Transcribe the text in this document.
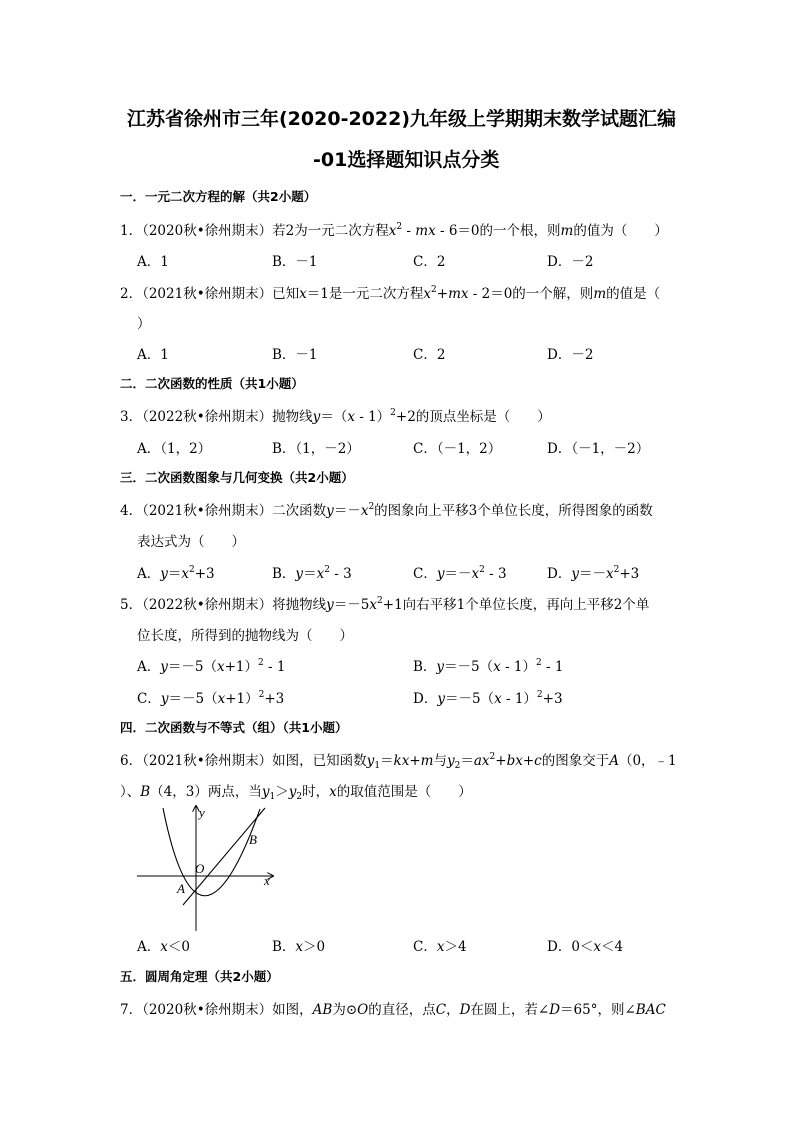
江苏省徐州市三年(2020-2022)九年级上学期期末数学试题汇编
-01选择题知识点分类
一．一元二次方程的解（共2小题）
1．（2020秋•徐州期末）若2为一元二次方程$x^2$ - mx - 6＝0的一个根，则m的值为（　　）
A．1	B．－1	C．2	D．－2
2．（2021秋•徐州期末）已知x＝1是一元二次方程$x^2+mx - 2=0$的一个解，则m的值是（
）
A．1	B．－1	C．2	D．－2
二．二次函数的性质（共1小题）
3．（2022秋•徐州期末）抛物线y＝（x - 1）$^2$+2的顶点坐标是（　　）
A．（1，2）	B．（1，－2）	C．（－1，2）	D．（－1，－2）
三．二次函数图象与几何变换（共2小题）
4．（2021秋•徐州期末）二次函数$y=-x^2$的图象向上平移3个单位长度，所得图象的函数
表达式为（　　）
A．$y=x^2+3$	B．$y=x^2 - 3$	C．$y=-x^2 - 3$	D．$y=-x^2+3$
5．（2022秋•徐州期末）将抛物线$y=-5x^2+1$向右平移1个单位长度，再向上平移2个单
位长度，所得到的抛物线为（　　）
A．$y=-5(x+1)^2 - 1$	B．y＝－5（x - 1）$^2$ - 1
C．$y=-5(x+1)^2+3$	D．y＝－5（x - 1）$^2$+3
四．二次函数与不等式（组）（共1小题）
6．（2021秋•徐州期末）如图，已知函数$y_1=kx+m$与$y_2=ax^2+bx+c$的图象交于A（0，﹣1
）、B（4，3）两点，当$y_1>y_2$时，x的取值范围是（　　）
y
x
O
A
B
A．x＜0	B．x＞0	C．x＞4	D．0＜x＜4
五．圆周角定理（共2小题）
7．（2020秋•徐州期末）如图，AB为⊙O的直径，点C，D在圆上，若∠D＝65°，则∠BAC
